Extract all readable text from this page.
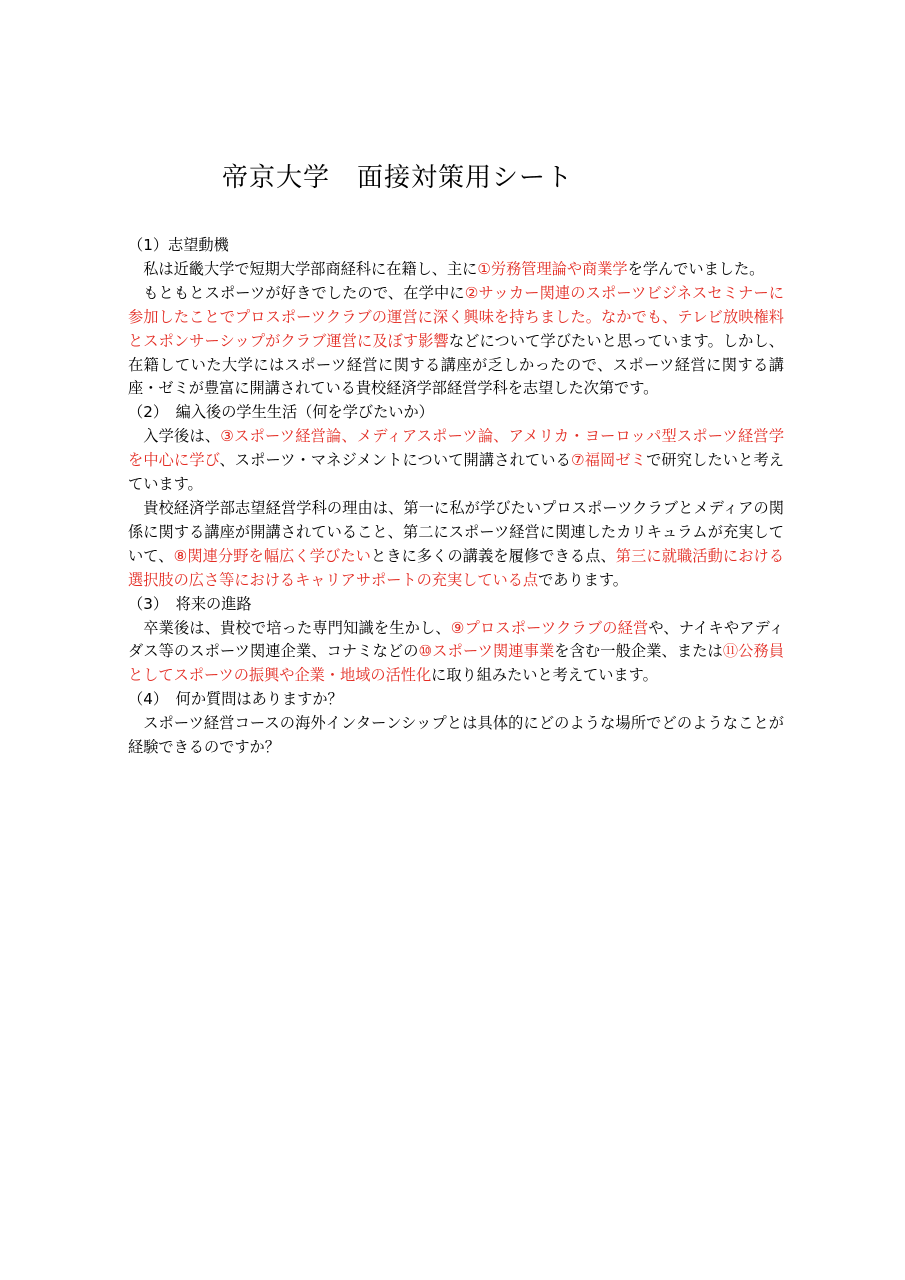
帝京大学　面接対策用シート
（1）志望動機

私は近畿大学で短期大学部商経科に在籍し、主に①労務管理論や商業学を学んでいました。

もともとスポーツが好きでしたので、在学中に②サッカー関連のスポーツビジネスセミナーに参加したことでプロスポーツクラブの運営に深く興味を持ちました。なかでも、テレビ放映権料とスポンサーシップがクラブ運営に及ぼす影響などについて学びたいと思っています。しかし、在籍していた大学にはスポーツ経営に関する講座が乏しかったので、スポーツ経営に関する講座・ゼミが豊富に開講されている貴校経済学部経営学科を志望した次第です。

（2）　編入後の学生生活（何を学びたいか）

入学後は、③スポーツ経営論、メディアスポーツ論、アメリカ・ヨーロッパ型スポーツ経営学を中心に学び、スポーツ・マネジメントについて開講されている⑦福岡ゼミで研究したいと考えています。

貴校経済学部志望経営学科の理由は、第一に私が学びたいプロスポーツクラブとメディアの関係に関する講座が開講されていること、第二にスポーツ経営に関連したカリキュラムが充実していて、⑧関連分野を幅広く学びたいときに多くの講義を履修できる点、第三に就職活動における選択肢の広さ等におけるキャリアサポートの充実している点であります。

（3）　将来の進路

卒業後は、貴校で培った専門知識を生かし、⑨プロスポーツクラブの経営や、ナイキやアディダス等のスポーツ関連企業、コナミなどの⑩スポーツ関連事業を含む一般企業、または⑪公務員としてスポーツの振興や企業・地域の活性化に取り組みたいと考えています。

（4）　何か質問はありますか？

スポーツ経営コースの海外インターンシップとは具体的にどのような場所でどのようなことが経験できるのですか？
